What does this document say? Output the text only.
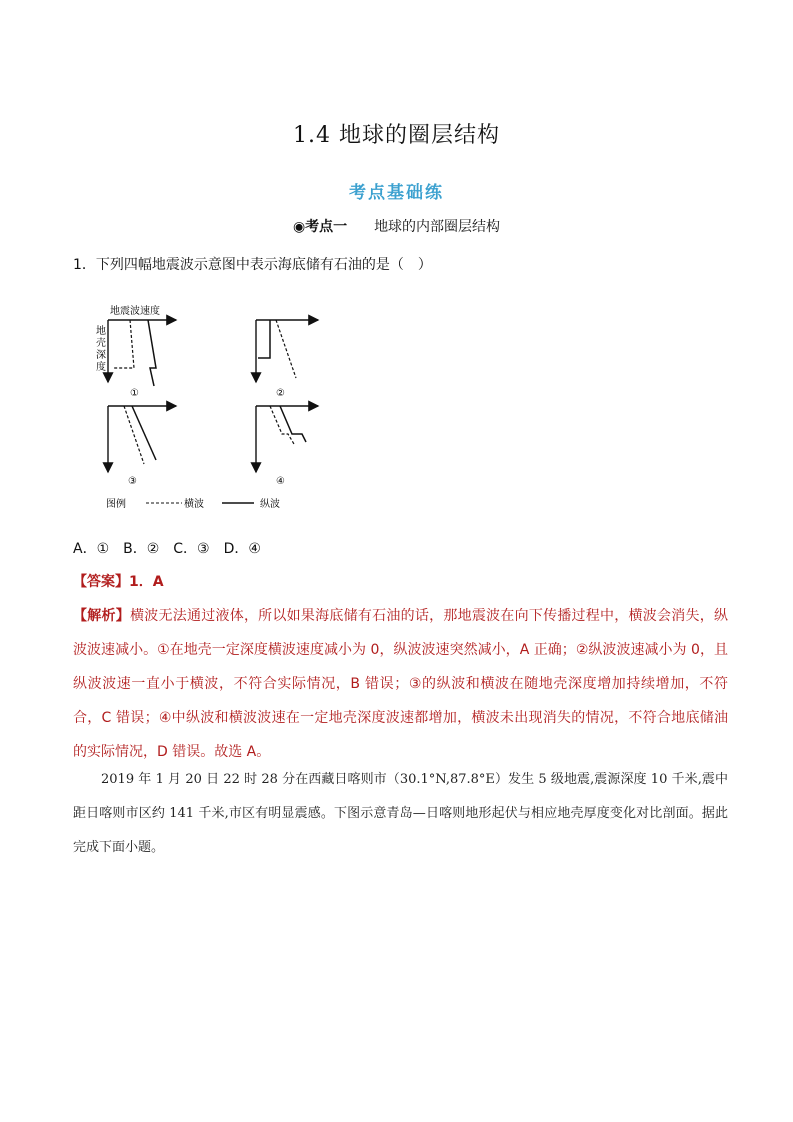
1.4 地球的圈层结构
考点基础练
◉考点一 地球的内部圈层结构
1．下列四幅地震波示意图中表示海底储有石油的是（　）
地震波速度
地
壳
深
度
①	②
③	④
图例	横波	纵波
A．①　B．②　C．③　D．④
【答案】1．A
【解析】横波无法通过液体，所以如果海底储有石油的话，那地震波在向下传播过程中，横波会消失，纵波波速减小。①在地壳一定深度横波速度减小为 0，纵波波速突然减小，A 正确；②纵波波速减小为 0，且纵波波速一直小于横波，不符合实际情况，B 错误；③的纵波和横波在随地壳深度增加持续增加，不符合，C 错误；④中纵波和横波波速在一定地壳深度波速都增加，横波未出现消失的情况，不符合地底储油的实际情况，D 错误。故选 A。
2019 年 1 月 20 日 22 时 28 分在西藏日喀则市（30.1°N,87.8°E）发生 5 级地震,震源深度 10 千米,震中距日喀则市区约 141 千米,市区有明显震感。下图示意青岛—日喀则地形起伏与相应地壳厚度变化对比剖面。据此完成下面小题。
